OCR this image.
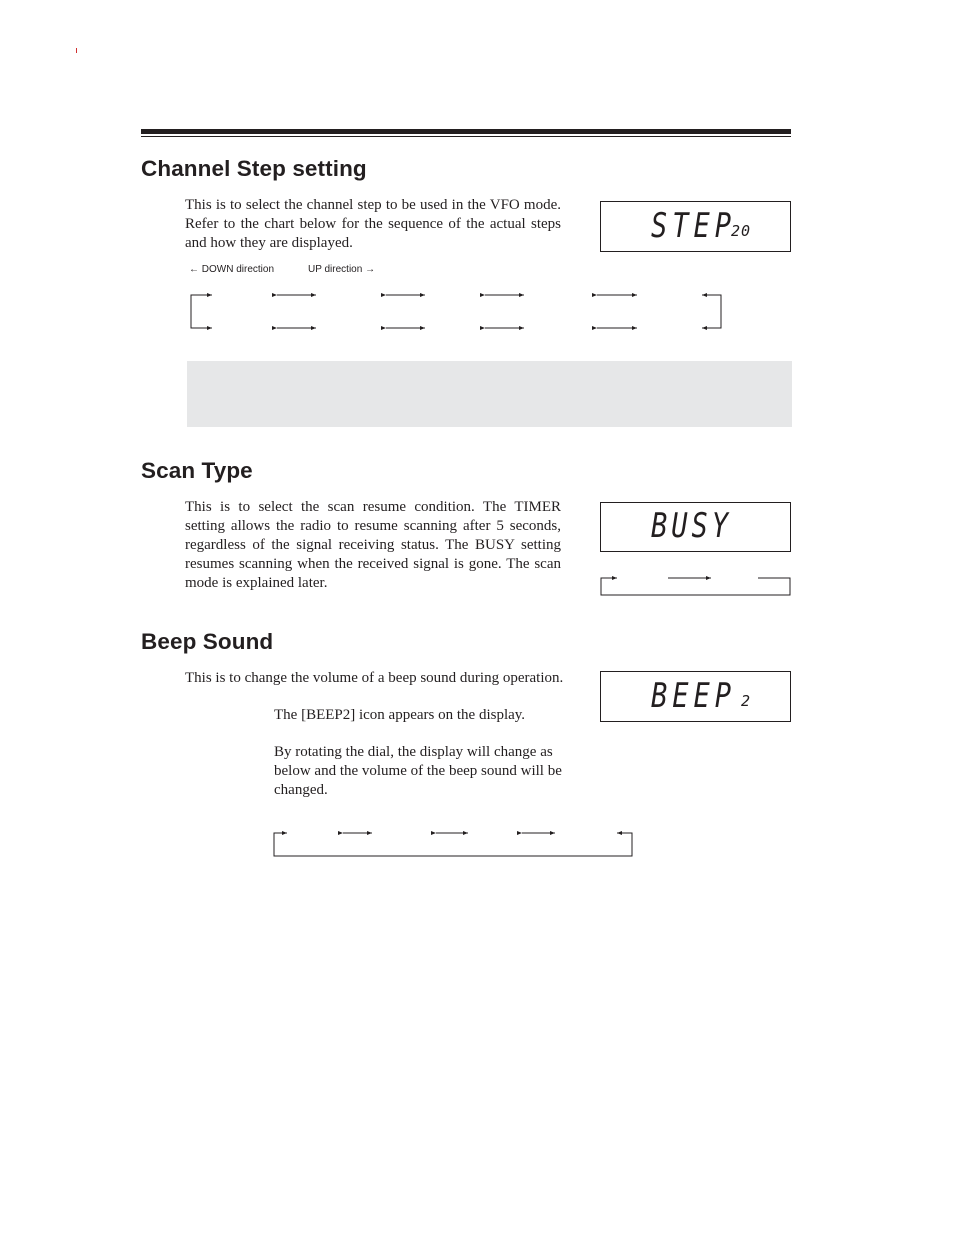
Channel Step setting

This is to select the channel step to be used in the VFO mode. Refer to the chart below for the sequence of the actual steps and how they are displayed.	STEP
20
← DOWN direction	UP direction →
Scan Type

This is to select the scan resume condition. The TIMER setting allows the radio to resume scanning after 5 seconds, regardless of the signal receiving status. The BUSY setting resumes scanning when the received signal is gone. The scan mode is explained later.

BUSY
Beep Sound

This is to change the volume of a beep sound during operation.

The [BEEP2] icon appears on the display.

By rotating the dial, the display will change as below and the volume of the beep sound will be changed.

BEEP 2
